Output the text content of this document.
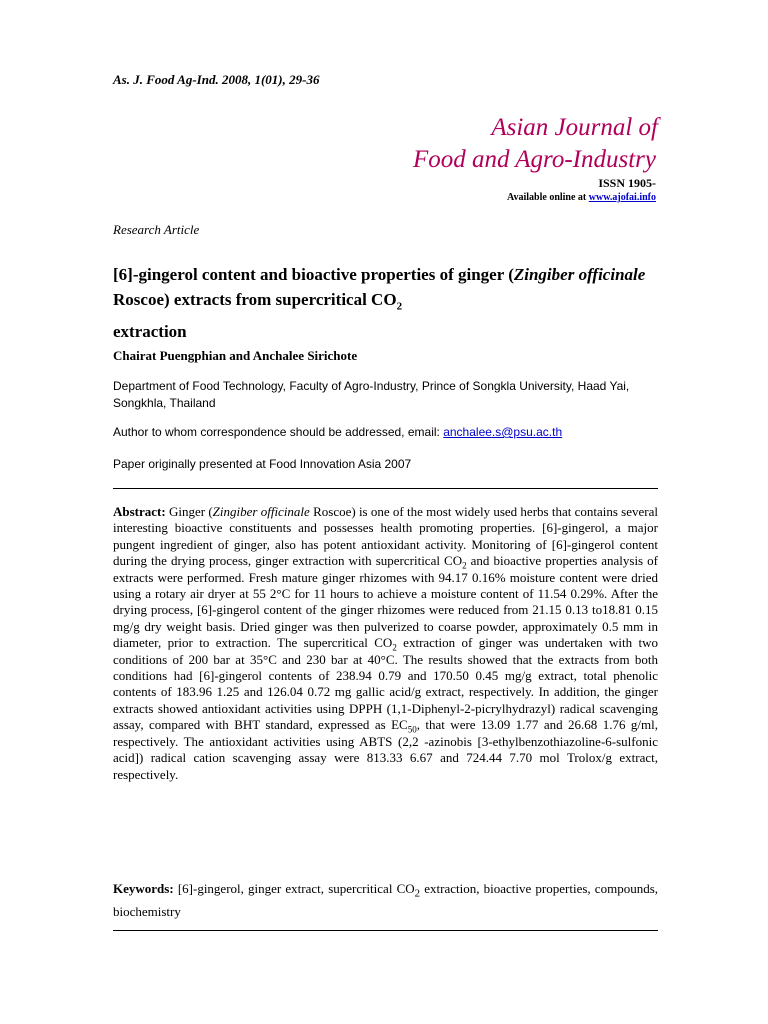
As. J. Food Ag-Ind. 2008, 1(01), 29-36
Asian Journal of
Food and Agro-Industry
ISSN 1905-
Available online at www.ajofai.info
Research Article
[6]-gingerol content and bioactive properties of ginger (Zingiber officinale Roscoe) extracts from supercritical $CO_2$
extraction
Chairat Puengphian and Anchalee Sirichote
Department of Food Technology, Faculty of Agro-Industry, Prince of Songkla University, Haad Yai, Songkhla, Thailand
Author to whom correspondence should be addressed, email: anchalee.s@psu.ac.th
Paper originally presented at Food Innovation Asia 2007
Abstract: Ginger (Zingiber officinale Roscoe) is one of the most widely used herbs that contains several interesting bioactive constituents and possesses health promoting properties. [6]-gingerol, a major pungent ingredient of ginger, also has potent antioxidant activity. Monitoring of [6]-gingerol content during the drying process, ginger extraction with supercritical $CO_2$ and bioactive properties analysis of extracts were performed. Fresh mature ginger rhizomes with 94.17 0.16% moisture content were dried using a rotary air dryer at 55 2°C for 11 hours to achieve a moisture content of 11.54 0.29%. After the drying process, [6]-gingerol content of the ginger rhizomes were reduced from 21.15 0.13 to18.81 0.15 mg/g dry weight basis. Dried ginger was then pulverized to coarse powder, approximately 0.5 mm in diameter, prior to extraction. The supercritical $CO_2$ extraction of ginger was undertaken with two conditions of 200 bar at 35°C and 230 bar at 40°C. The results showed that the extracts from both conditions had [6]-gingerol contents of 238.94 0.79 and 170.50 0.45 mg/g extract, total phenolic contents of 183.96 1.25 and 126.04 0.72 mg gallic acid/g extract, respectively. In addition, the ginger extracts showed antioxidant activities using DPPH (1,1-Diphenyl-2-picrylhydrazyl) radical scavenging assay, compared with BHT standard, expressed as $EC_{50}$, that were 13.09 1.77 and 26.68 1.76 g/ml, respectively. The antioxidant activities using ABTS (2,2 -azinobis [3-ethylbenzothiazoline-6-sulfonic acid]) radical cation scavenging assay were 813.33 6.67 and 724.44 7.70 mol Trolox/g extract, respectively.
Keywords: [6]-gingerol, ginger extract, supercritical $CO_2$ extraction, bioactive properties, compounds, biochemistry
